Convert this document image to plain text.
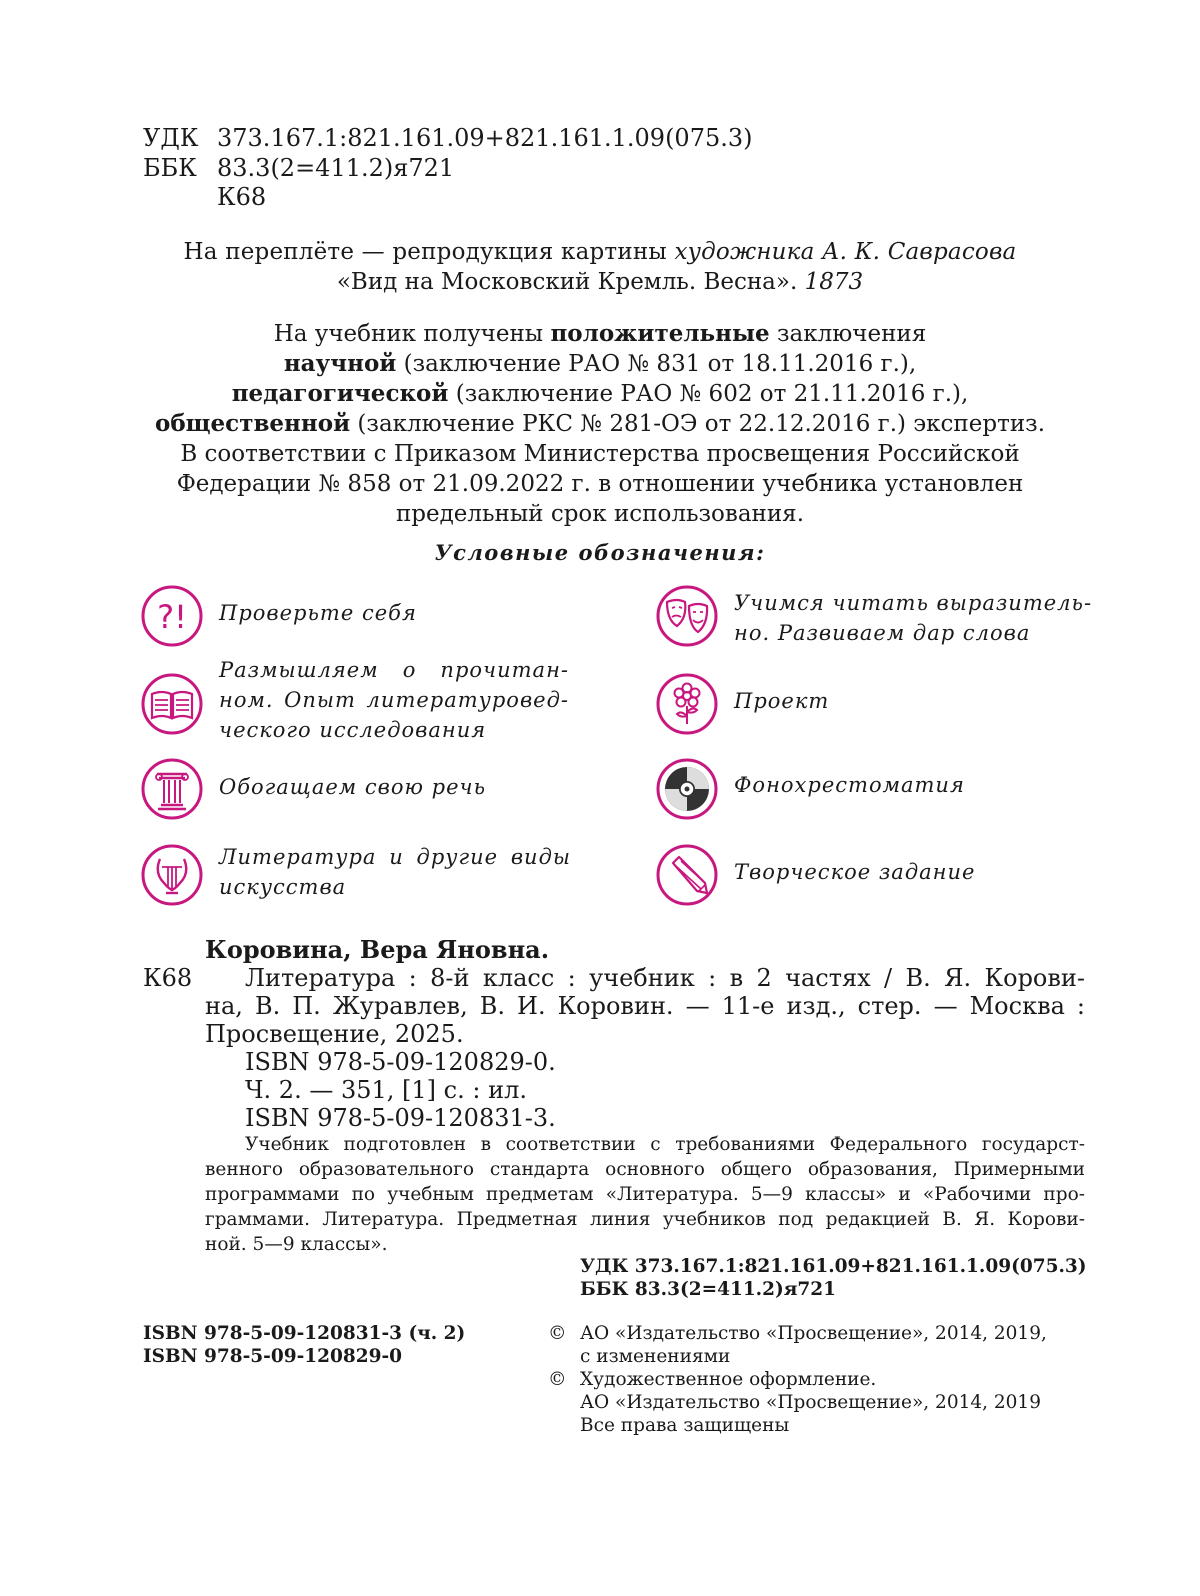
УДК 373.167.1:821.161.09+821.161.1.09(075.3)
ББК 83.3(2=411.2)я721
К68
На переплёте — репродукция картины художника А. К. Саврасова
«Вид на Московский Кремль. Весна». 1873
На учебник получены положительные заключения
научной (заключение РАО № 831 от 18.11.2016 г.),
педагогической (заключение РАО № 602 от 21.11.2016 г.),
общественной (заключение РКС № 281-ОЭ от 22.12.2016 г.) экспертиз.
В соответствии с Приказом Министерства просвещения Российской
Федерации № 858 от 21.09.2022 г. в отношении учебника установлен
предельный срок использования.
Условные обозначения:
?! Проверьте себя
Размышляем о прочитан-
ном. Опыт литературовед-
ческого исследования
Обогащаем свою речь
Литература и другие виды
искусства
Учимся читать выразитель-
но. Развиваем дар слова
Проект
Фонохрестоматия
Творческое задание
Коровина, Вера Яновна.
К68 Литература : 8-й класс : учебник : в 2 частях / В. Я. Корови-
на, В. П. Журавлев, В. И. Коровин. — 11-е изд., стер. — Москва :
Просвещение, 2025.
ISBN 978-5-09-120829-0.
Ч. 2. — 351, [1] с. : ил.
ISBN 978-5-09-120831-3.
Учебник подготовлен в соответствии с требованиями Федерального государст-
венного образовательного стандарта основного общего образования, Примерными
программами по учебным предметам «Литература. 5—9 классы» и «Рабочими про-
граммами. Литература. Предметная линия учебников под редакцией В. Я. Корови-
ной. 5—9 классы».
УДК 373.167.1:821.161.09+821.161.1.09(075.3)
ББК 83.3(2=411.2)я721
ISBN 978-5-09-120831-3 (ч. 2)
ISBN 978-5-09-120829-0
© АО «Издательство «Просвещение», 2014, 2019,
с изменениями
© Художественное оформление.
АО «Издательство «Просвещение», 2014, 2019
Все права защищены
